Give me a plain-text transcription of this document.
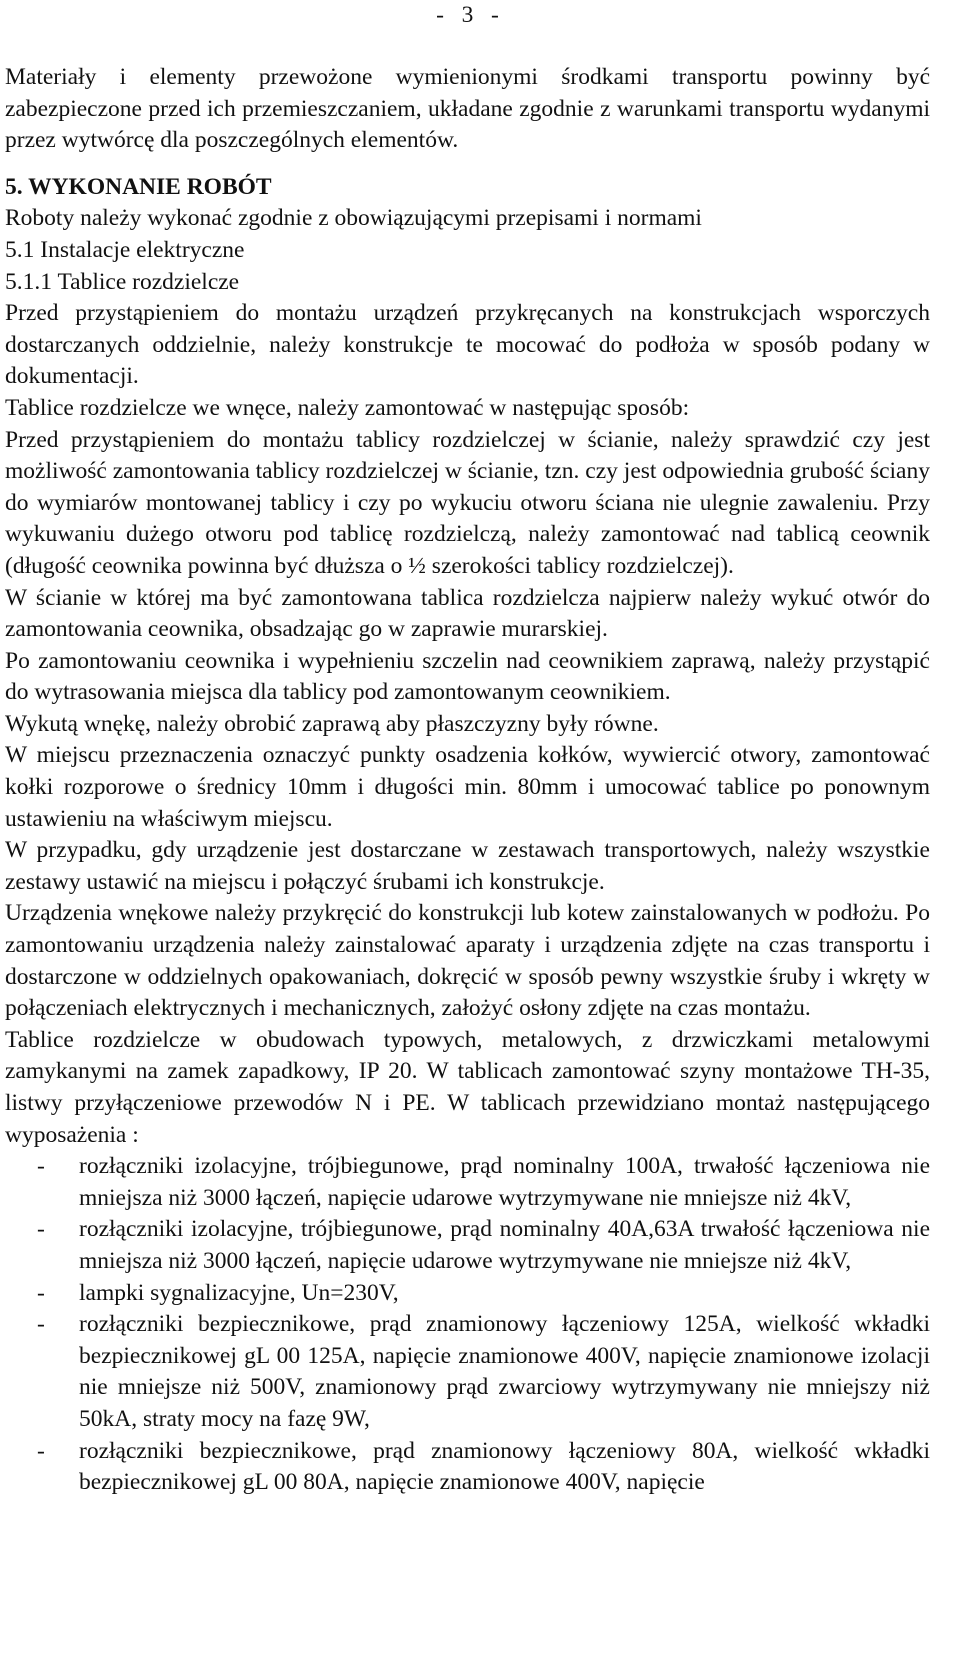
-   3   -

Materiały i elementy przewożone wymienionymi środkami transportu powinny być zabezpieczone przed ich przemieszczaniem, układane zgodnie z warunkami transportu wydanymi przez wytwórcę dla poszczególnych elementów.

5. WYKONANIE ROBÓT

Roboty należy wykonać zgodnie z obowiązującymi przepisami i normami

5.1 Instalacje elektryczne

5.1.1 Tablice rozdzielcze

Przed przystąpieniem do montażu urządzeń przykręcanych na konstrukcjach wsporczych dostarczanych oddzielnie, należy konstrukcje te mocować do podłoża w sposób podany w dokumentacji.

Tablice rozdzielcze we wnęce, należy zamontować w następując sposób:

Przed przystąpieniem do montażu tablicy rozdzielczej w ścianie, należy sprawdzić czy jest możliwość zamontowania tablicy rozdzielczej w ścianie, tzn. czy jest odpowiednia grubość ściany do wymiarów montowanej tablicy i czy po wykuciu otworu ściana nie ulegnie zawaleniu. Przy wykuwaniu dużego otworu pod tablicę rozdzielczą, należy zamontować nad tablicą ceownik (długość ceownika powinna być dłuższa o ½ szerokości tablicy rozdzielczej).

W ścianie w której ma być zamontowana tablica rozdzielcza najpierw należy wykuć otwór do zamontowania ceownika, obsadzając go w zaprawie murarskiej.

Po zamontowaniu ceownika i wypełnieniu szczelin nad ceownikiem zaprawą, należy przystąpić do wytrasowania miejsca dla tablicy pod zamontowanym ceownikiem.

Wykutą wnękę, należy obrobić zaprawą aby płaszczyzny były równe.

W miejscu przeznaczenia oznaczyć punkty osadzenia kołków, wywiercić otwory, zamontować kołki rozporowe o średnicy 10mm i długości min. 80mm i umocować tablice po ponownym ustawieniu na właściwym miejscu.

W przypadku, gdy urządzenie jest dostarczane w zestawach transportowych, należy wszystkie zestawy ustawić na miejscu i połączyć śrubami ich konstrukcje.

Urządzenia wnękowe należy przykręcić do konstrukcji lub kotew zainstalowanych w podłożu. Po zamontowaniu urządzenia należy zainstalować aparaty i urządzenia zdjęte na czas transportu i dostarczone w oddzielnych opakowaniach, dokręcić w sposób pewny wszystkie śruby i wkręty w połączeniach elektrycznych i mechanicznych, założyć osłony zdjęte na czas montażu.

Tablice rozdzielcze w obudowach typowych, metalowych, z drzwiczkami metalowymi zamykanymi na zamek zapadkowy, IP 20. W tablicach zamontować szyny montażowe TH-35, listwy przyłączeniowe przewodów N i PE. W tablicach przewidziano montaż następującego wyposażenia :

- rozłączniki izolacyjne, trójbiegunowe, prąd nominalny 100A, trwałość łączeniowa nie mniejsza niż 3000 łączeń, napięcie udarowe wytrzymywane nie mniejsze niż 4kV,
- rozłączniki izolacyjne, trójbiegunowe, prąd nominalny 40A,63A trwałość łączeniowa nie mniejsza niż 3000 łączeń, napięcie udarowe wytrzymywane nie mniejsze niż 4kV,
- lampki sygnalizacyjne, Un=230V,
- rozłączniki bezpiecznikowe, prąd znamionowy łączeniowy 125A, wielkość wkładki bezpiecznikowej gL 00 125A, napięcie znamionowe 400V, napięcie znamionowe izolacji nie mniejsze niż 500V, znamionowy prąd zwarciowy wytrzymywany nie mniejszy niż 50kA, straty mocy na fazę 9W,
- rozłączniki bezpiecznikowe, prąd znamionowy łączeniowy 80A, wielkość wkładki bezpiecznikowej gL 00 80A, napięcie znamionowe 400V, napięcie
